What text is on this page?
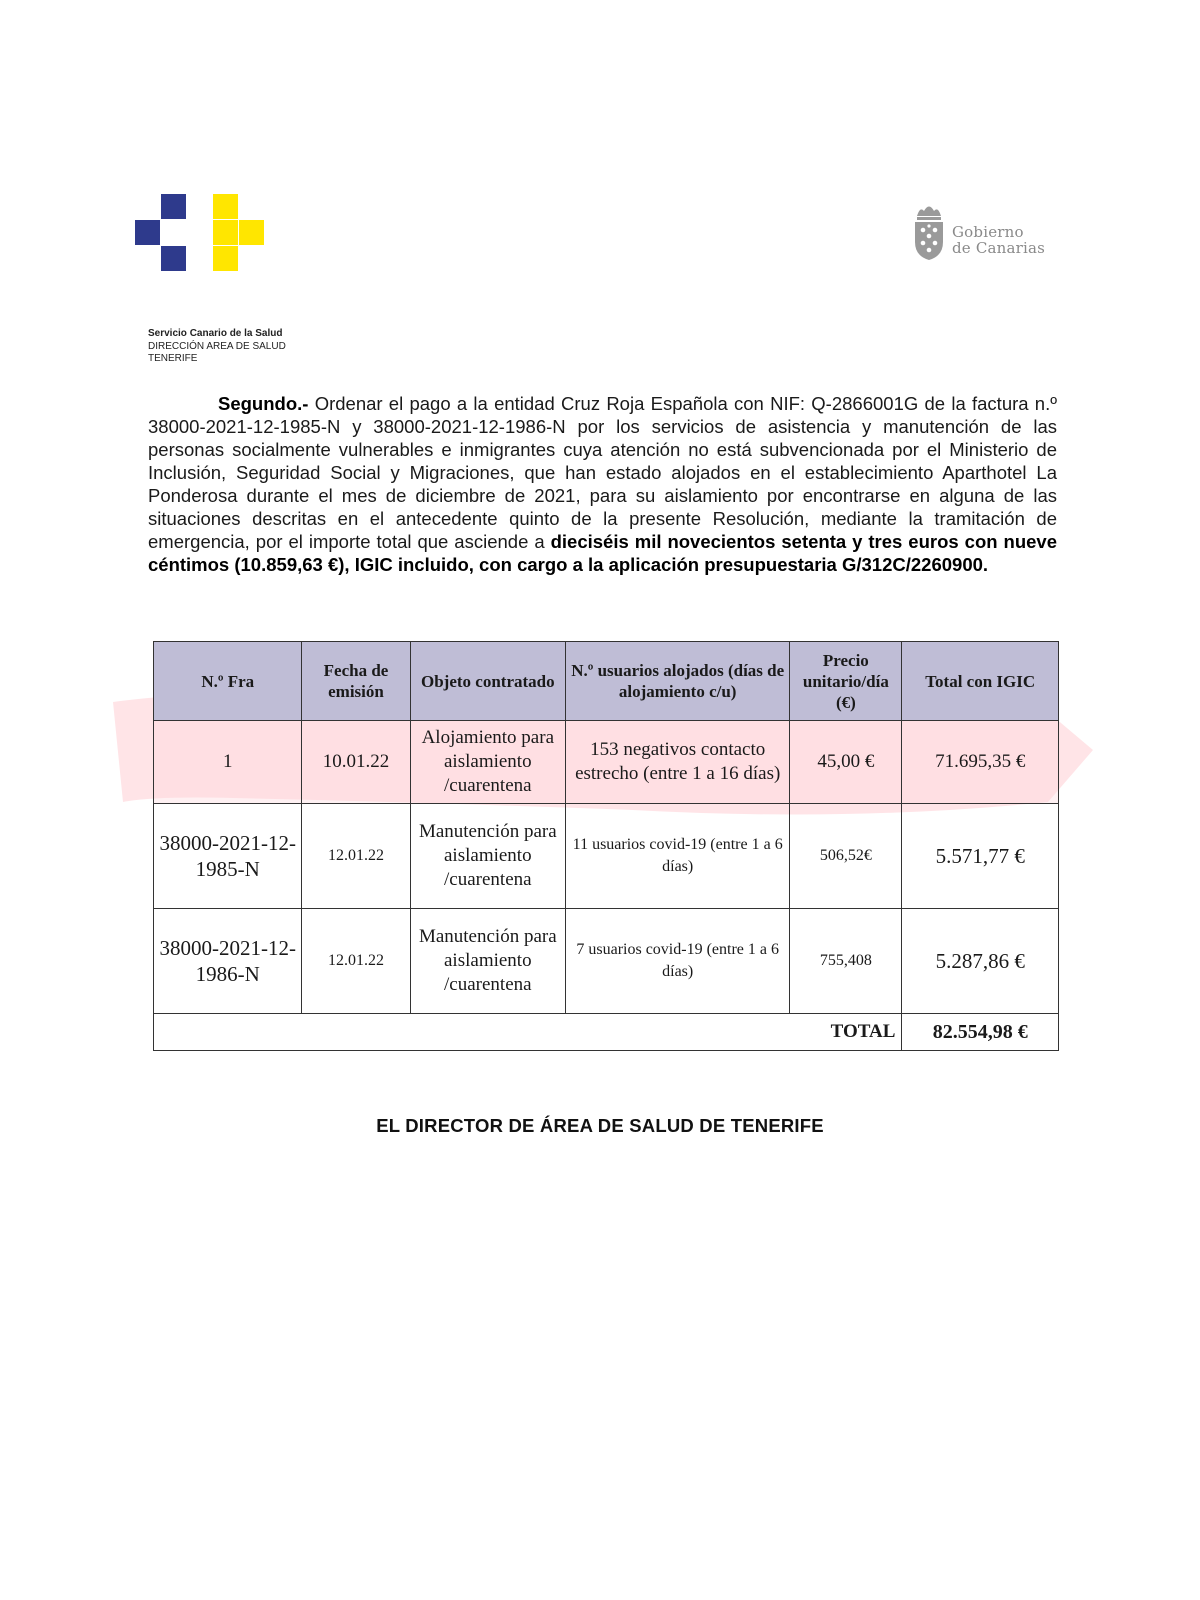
Gobierno
de Canarias
Servicio Canario de la Salud
DIRECCIÓN AREA DE SALUD
TENERIFE
Segundo.- Ordenar el pago a la entidad Cruz Roja Española con NIF: Q-2866001G de la factura n.º 38000-2021-12-1985-N y 38000-2021-12-1986-N por los servicios de asistencia y manutención de las personas socialmente vulnerables e inmigrantes cuya atención no está subvencionada por el Ministerio de Inclusión, Seguridad Social y Migraciones, que han estado alojados en el establecimiento Aparthotel La Ponderosa durante el mes de diciembre de 2021, para su aislamiento por encontrarse en alguna de las situaciones descritas en el antecedente quinto de la presente Resolución, mediante la tramitación de emergencia, por el importe total que asciende a dieciséis mil novecientos setenta y tres euros con nueve céntimos (10.859,63 €), IGIC incluido, con cargo a la aplicación presupuestaria G/312C/2260900.
N.º Fra	Fecha de emisión	Objeto contratado	N.º usuarios alojados (días de alojamiento c/u)	Precio unitario/día (€)	Total con IGIC
1	10.01.22	Alojamiento para aislamiento /cuarentena	153 negativos contacto estrecho (entre 1 a 16 días)	45,00 €	71.695,35 €
38000-2021-12-1985-N	12.01.22	Manutención para aislamiento /cuarentena	11 usuarios covid-19 (entre 1 a 6 días)	506,52€	5.571,77 €
38000-2021-12-1986-N	12.01.22	Manutención para aislamiento /cuarentena	7 usuarios covid-19 (entre 1 a 6 días)	755,408	5.287,86 €
TOTAL					82.554,98 €
EL DIRECTOR DE ÁREA DE SALUD DE TENERIFE
